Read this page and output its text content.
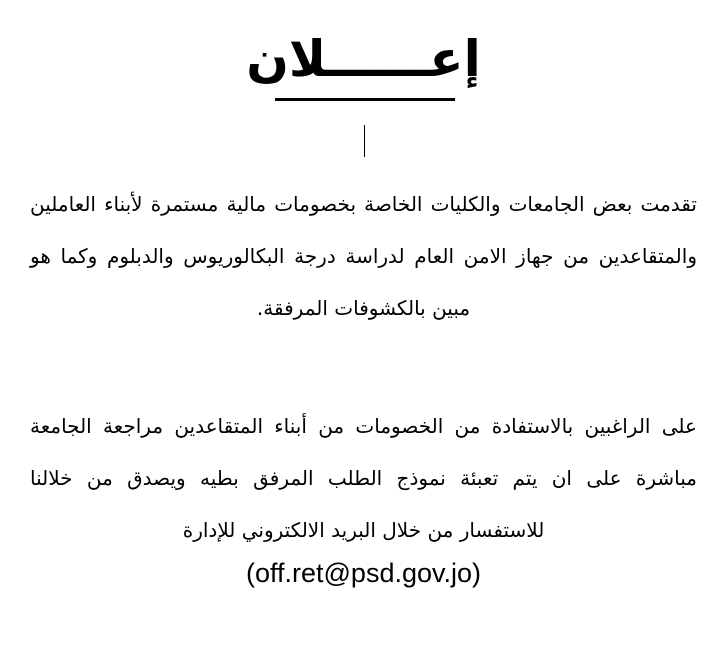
إعــــــلان
تقدمت بعض الجامعات والكليات الخاصة بخصومات مالية مستمرة لأبناء العاملين والمتقاعدين من جهاز الامن العام لدراسة درجة البكالوريوس والدبلوم وكما هو مبين بالكشوفات المرفقة.
على الراغبين بالاستفادة من الخصومات من أبناء المتقاعدين مراجعة الجامعة مباشرة على ان يتم تعبئة نموذج الطلب المرفق بطيه ويصدق من خلالنا للاستفسار من خلال البريد الالكتروني للإدارة
(off.ret@psd.gov.jo)
